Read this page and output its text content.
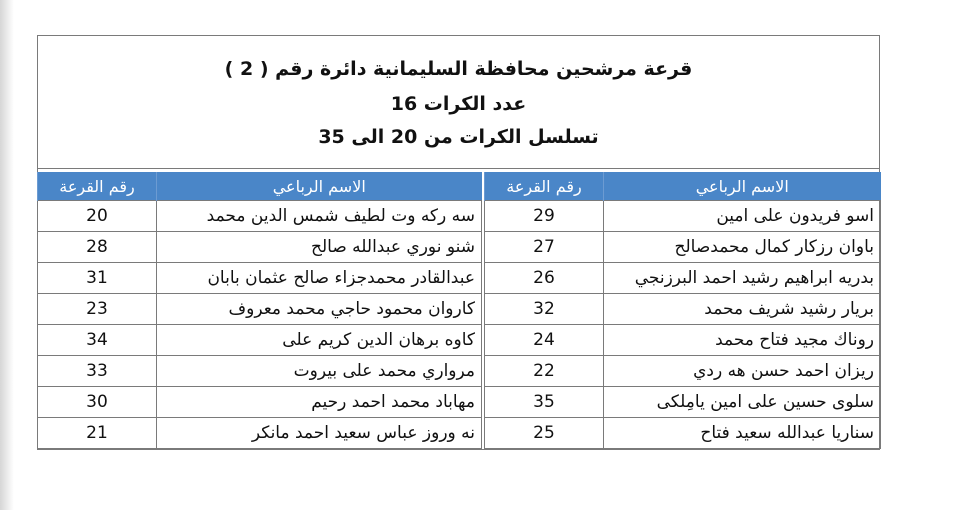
قرعة مرشحين محافظة السليمانية دائرة رقم ( 2 )
عدد الكرات 16
تسلسل الكرات من 20 الى 35
الاسم الرباعي	رقم القرعة
اسو فريدون على امين	29
باوان رزكار كمال محمدصالح	27
بدريه ابراهيم رشيد احمد البرزنجي	26
بريار رشيد شريف محمد	32
روناك مجيد فتاح محمد	24
ريزان احمد حسن هه ردي	22
سلوى حسين على امين يامِلكى	35
سناريا عبدالله سعيد فتاح	25
الاسم الرباعي	رقم القرعة
سه ركه وت لطيف شمس الدين محمد	20
شنو نوري عبدالله صالح	28
عبدالقادر محمدجزاء صالح عثمان بابان	31
كاروان محمود حاجي محمد معروف	23
كاوه برهان الدين كريم على	34
مرواري محمد على بيروت	33
مهاباد محمد احمد رحيم	30
نه وروز عباس سعيد احمد مانكر	21
